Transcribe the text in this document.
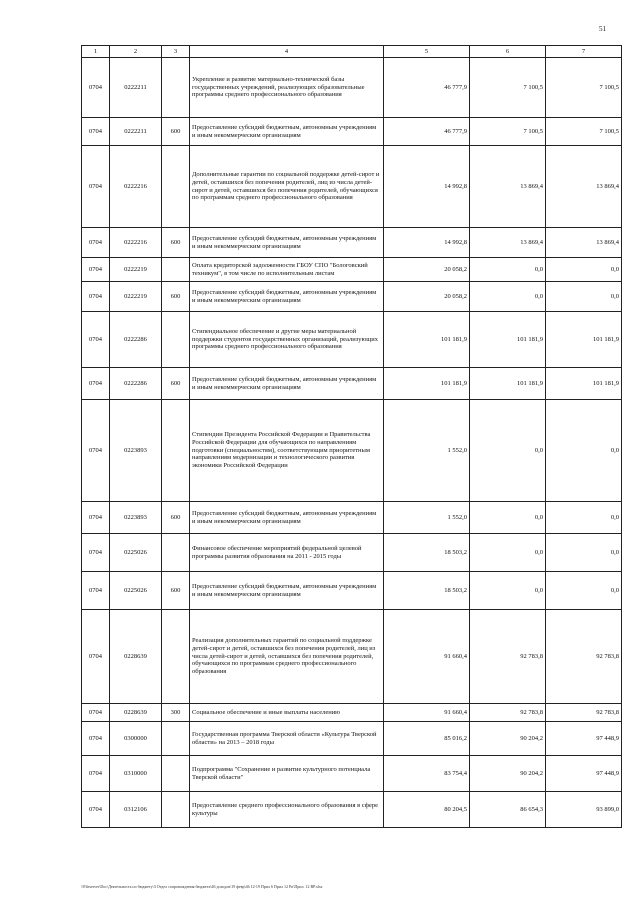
51
1	2	3	4	5	6	7
0704	0222211		Укрепление и развитие материально-технической базы государственных учреждений, реализующих образовательные программы среднего профессионального образования	46 777,9	7 100,5	7 100,5
0704	0222211	600	Предоставление субсидий бюджетным, автономным учреждениям и иным некоммерческим организациям	46 777,9	7 100,5	7 100,5
0704	0222216		Дополнительные гарантии по социальной поддержке детей-сирот и детей, оставшихся без попечения родителей, лиц из числа детей-сирот и детей, оставшихся без попечения родителей, обучающихся по программам среднего профессионального образования	14 992,8	13 869,4	13 869,4
0704	0222216	600	Предоставление субсидий бюджетным, автономным учреждениям и иным некоммерческим организациям	14 992,8	13 869,4	13 869,4
0704	0222219		Оплата кредиторской задолженности ГБОУ СПО "Бологовский техникум", в том числе по исполнительным листам	20 058,2	0,0	0,0
0704	0222219	600	Предоставление субсидий бюджетным, автономным учреждениям и иным некоммерческим организациям	20 058,2	0,0	0,0
0704	0222286		Стипендиальное обеспечение и другие меры материальной поддержки студентов государственных организаций, реализующих программы среднего профессионального образования	101 181,9	101 181,9	101 181,9
0704	0222286	600	Предоставление субсидий бюджетным, автономным учреждениям и иным некоммерческим организациям	101 181,9	101 181,9	101 181,9
0704	0223893		Стипендии Президента Российской Федерации и Правительства Российской Федерации для обучающихся по направлениям подготовки (специальностям), соответствующим приоритетным направлениям модернизации и технологического развития экономики Российской Федерации	1 552,0	0,0	0,0
0704	0223893	600	Предоставление субсидий бюджетным, автономным учреждениям и иным некоммерческим организациям	1 552,0	0,0	0,0
0704	0225026		Финансовое обеспечение мероприятий федеральной целевой программы развития образования на 2011 - 2015 годы	18 503,2	0,0	0,0
0704	0225026	600	Предоставление субсидий бюджетным, автономным учреждениям и иным некоммерческим организациям	18 503,2	0,0	0,0
0704	0228639		Реализация дополнительных гарантий по социальной поддержке детей-сирот и детей, оставшихся без попечения родителей, лиц из числа детей-сирот и детей, оставшихся без попечения родителей, обучающихся по программам среднего профессионального образования	91 660,4	92 783,8	92 783,8
0704	0228639	300	Социальное обеспечение и иные выплаты населению	91 660,4	92 783,8	92 783,8
0704	0300000		Государственная программа Тверской области «Культура Тверской области» на 2013 – 2018 годы	85 016,2	90 204,2	97 448,9
0704	0310000		Подпрограмма "Сохранение и развитие культурного потенциала Тверской области"	83 754,4	90 204,2	97 448,9
0704	0312106		Предоставление среднего профессионального образования в сфере культуры	80 204,5	86 654,3	93 899,0
\\Fileserver\Doc\Деятельность по бюджету\3 Отдел сопровождения бюджета\46 доходов\19 февр\46 12-19 Прил 6 Прил 12 Рп\Прил. 12 ВР.xlsx
